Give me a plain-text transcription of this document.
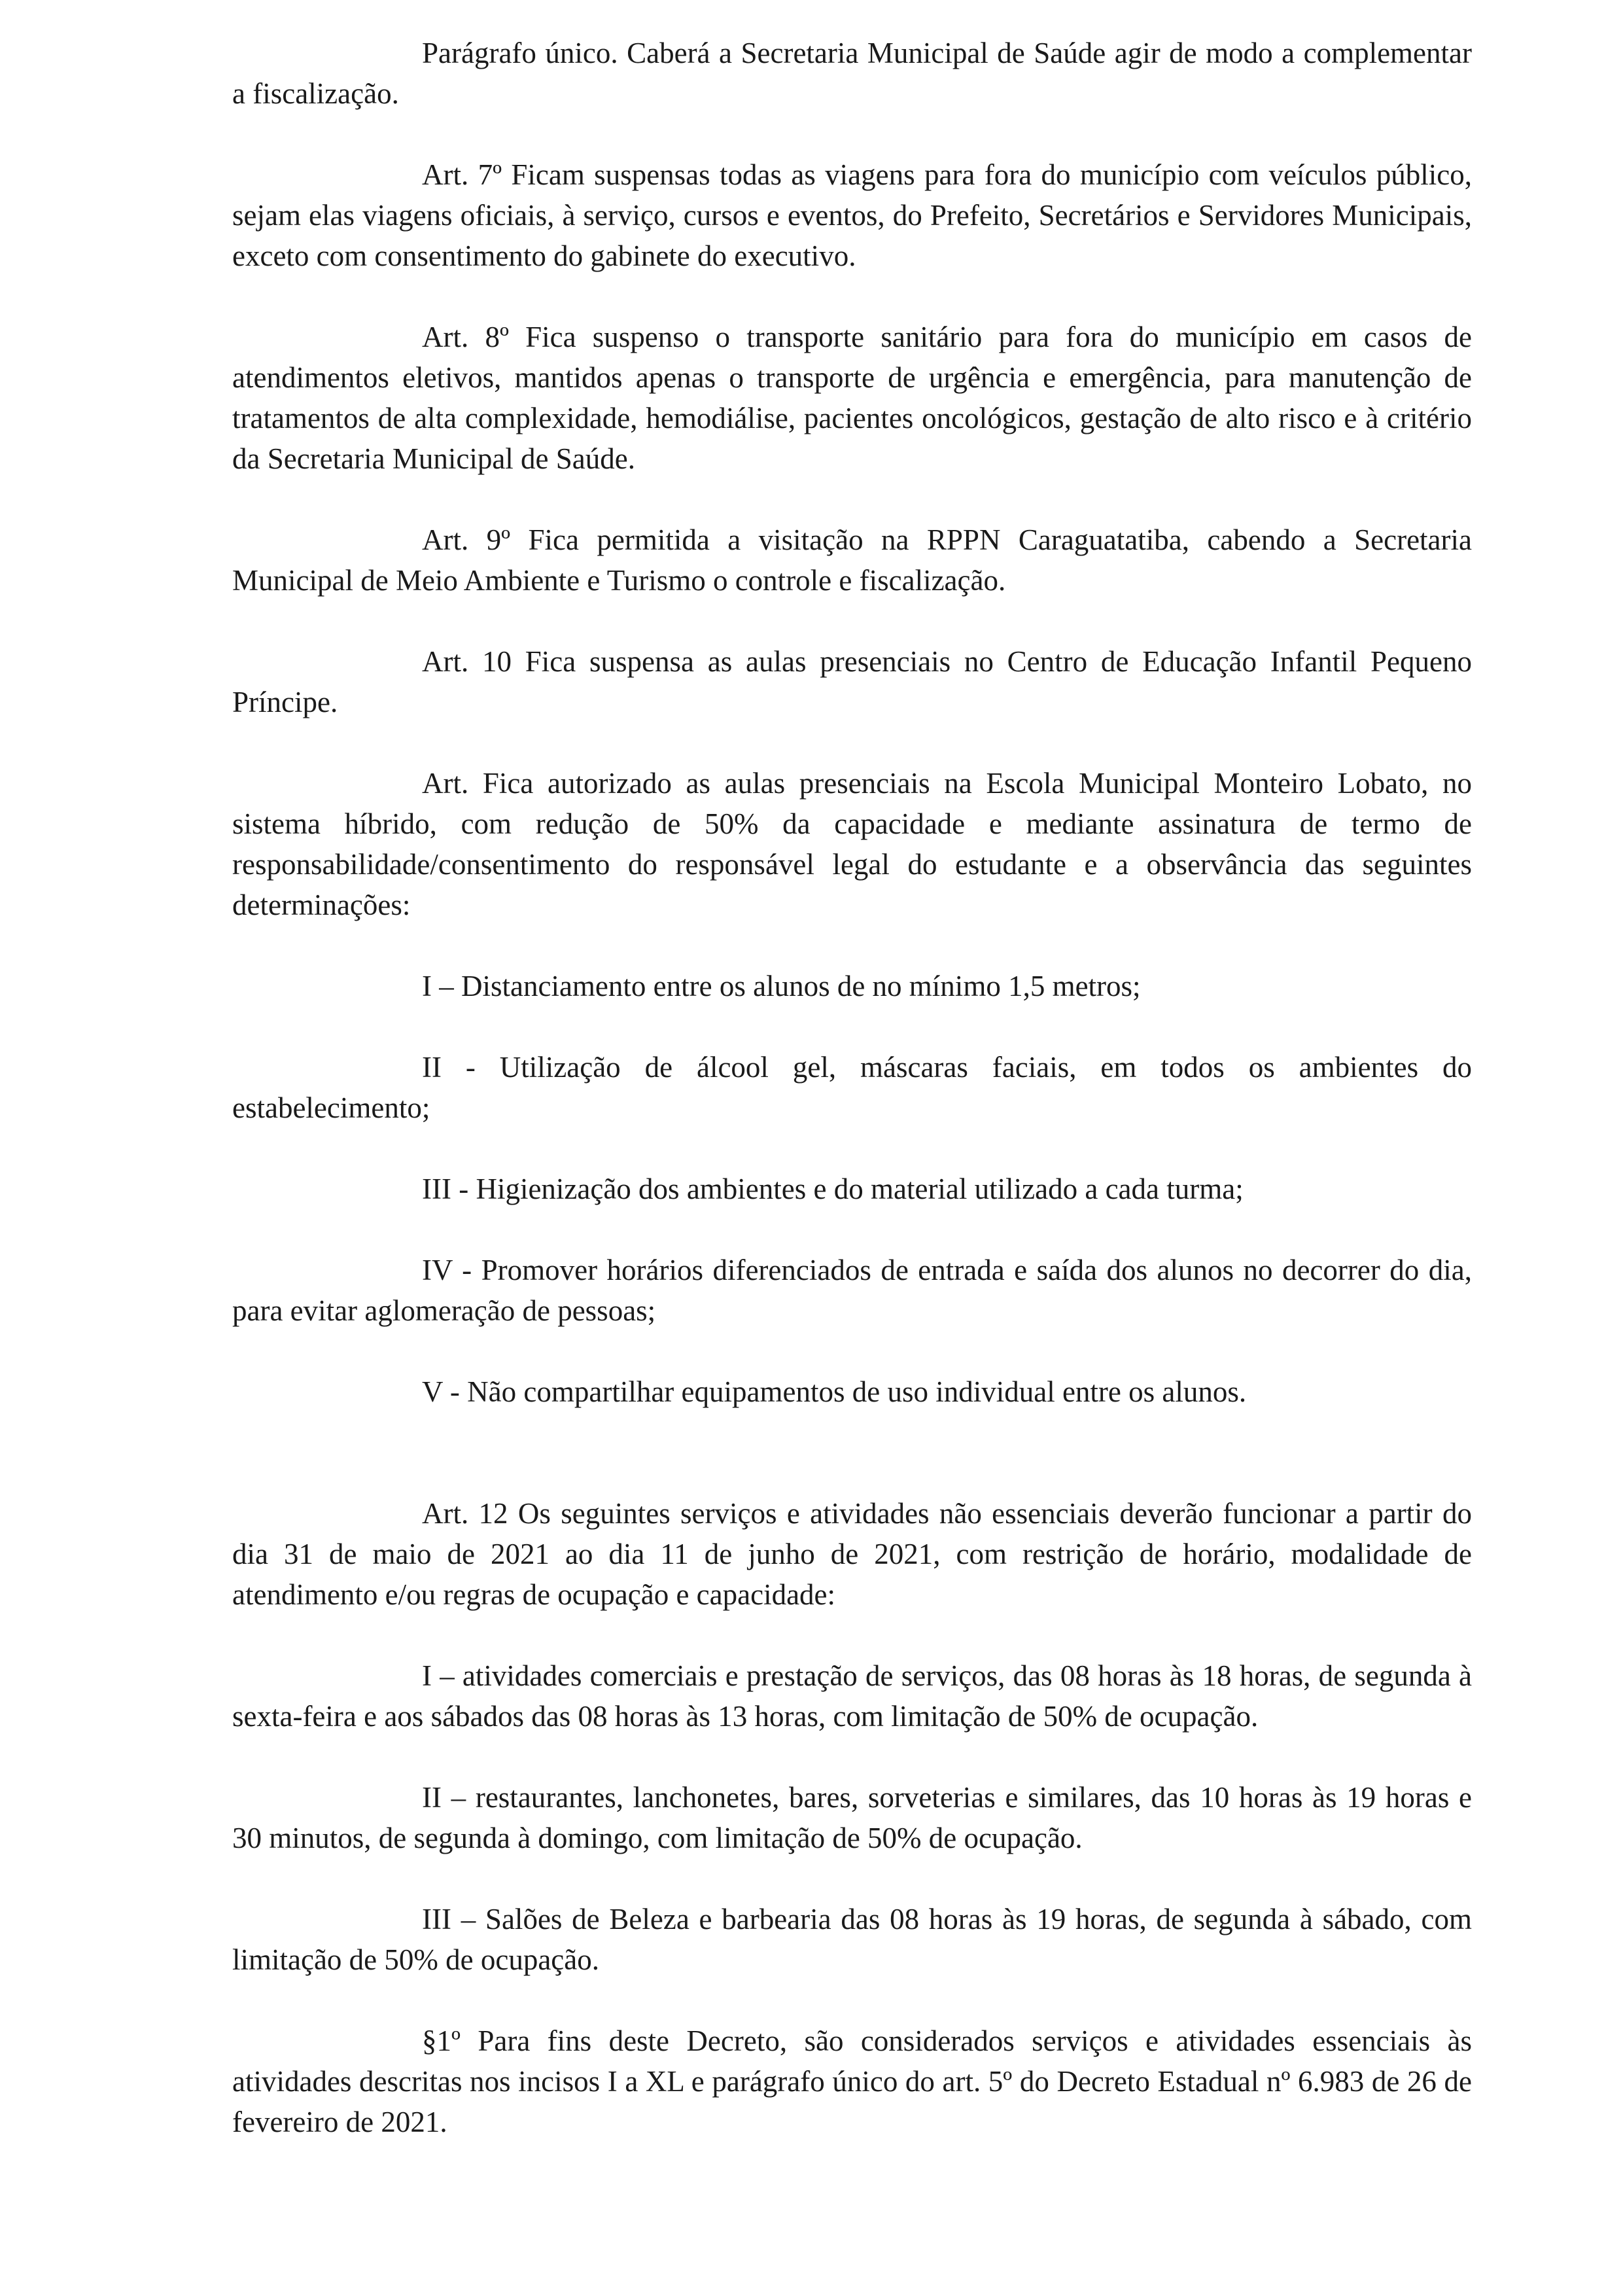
Parágrafo único. Caberá a Secretaria Municipal de Saúde agir de modo a complementar a fiscalização.

Art. 7º Ficam suspensas todas as viagens para fora do município com veículos público, sejam elas viagens oficiais, à serviço, cursos e eventos, do Prefeito, Secretários e Servidores Municipais, exceto com consentimento do gabinete do executivo.

Art. 8º Fica suspenso o transporte sanitário para fora do município em casos de atendimentos eletivos, mantidos apenas o transporte de urgência e emergência, para manutenção de tratamentos de alta complexidade, hemodiálise, pacientes oncológicos, gestação de alto risco e à critério da Secretaria Municipal de Saúde.

Art. 9º Fica permitida a visitação na RPPN Caraguatatiba, cabendo a Secretaria Municipal de Meio Ambiente e Turismo o controle e fiscalização.

Art. 10 Fica suspensa as aulas presenciais no Centro de Educação Infantil Pequeno Príncipe.

Art. Fica autorizado as aulas presenciais na Escola Municipal Monteiro Lobato, no sistema híbrido, com redução de 50% da capacidade e mediante assinatura de termo de responsabilidade/consentimento do responsável legal do estudante e a observância das seguintes determinações:

I – Distanciamento entre os alunos de no mínimo 1,5 metros;

II - Utilização de álcool gel, máscaras faciais, em todos os ambientes do estabelecimento;

III - Higienização dos ambientes e do material utilizado a cada turma;

IV - Promover horários diferenciados de entrada e saída dos alunos no decorrer do dia, para evitar aglomeração de pessoas;

V - Não compartilhar equipamentos de uso individual entre os alunos.

Art. 12 Os seguintes serviços e atividades não essenciais deverão funcionar a partir do dia 31 de maio de 2021 ao dia 11 de junho de 2021, com restrição de horário, modalidade de atendimento e/ou regras de ocupação e capacidade:

I – atividades comerciais e prestação de serviços, das 08 horas às 18 horas, de segunda à sexta-feira e aos sábados das 08 horas às 13 horas, com limitação de 50% de ocupação.

II – restaurantes, lanchonetes, bares, sorveterias e similares, das 10 horas às 19 horas e 30 minutos, de segunda à domingo, com limitação de 50% de ocupação.

III – Salões de Beleza e barbearia das 08 horas às 19 horas, de segunda à sábado, com limitação de 50% de ocupação.

§1º Para fins deste Decreto, são considerados serviços e atividades essenciais às atividades descritas nos incisos I a XL e parágrafo único do art. 5º do Decreto Estadual nº 6.983 de 26 de fevereiro de 2021.
